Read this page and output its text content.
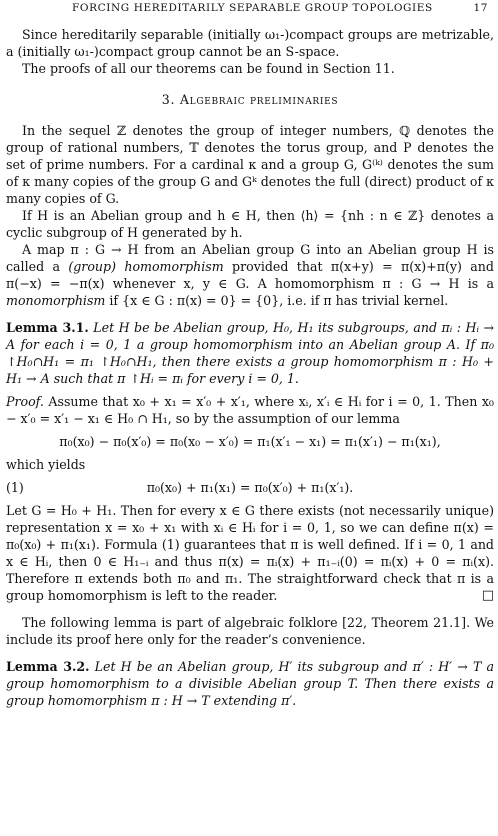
FORCING HEREDITARILY SEPARABLE GROUP TOPOLOGIES	17

Since hereditarily separable (initially ω₁-)compact groups are metrizable, a (initially ω₁-)compact group cannot be an S-space.

The proofs of all our theorems can be found in Section 11.

3. Algebraic preliminaries

In the sequel ℤ denotes the group of integer numbers, ℚ denotes the group of rational numbers, 𝕋 denotes the torus group, and P denotes the set of prime numbers. For a cardinal κ and a group G, G⁽ᵏ⁾ denotes the sum of κ many copies of the group G and Gᵏ denotes the full (direct) product of κ many copies of G.

If H is an Abelian group and h ∈ H, then ⟨h⟩ = {nh : n ∈ ℤ} denotes a cyclic subgroup of H generated by h.

A map π : G → H from an Abelian group G into an Abelian group H is called a (group) homomorphism provided that π(x+y) = π(x)+π(y) and π(−x) = −π(x) whenever x, y ∈ G. A homomorphism π : G → H is a monomorphism if {x ∈ G : π(x) = 0} = {0}, i.e. if π has trivial kernel.

Lemma 3.1. Let H be be Abelian group, H₀, H₁ its subgroups, and πᵢ : Hᵢ → A for each i = 0, 1 a group homomorphism into an Abelian group A. If π₀ ↾H₀∩H₁ = π₁ ↾H₀∩H₁, then there exists a group homomorphism π : H₀ + H₁ → A such that π ↾Hᵢ = πᵢ for every i = 0, 1.

Proof. Assume that x₀ + x₁ = x′₀ + x′₁, where xᵢ, x′ᵢ ∈ Hᵢ for i = 0, 1. Then x₀ − x′₀ = x′₁ − x₁ ∈ H₀ ∩ H₁, so by the assumption of our lemma

π₀(x₀) − π₀(x′₀) = π₀(x₀ − x′₀) = π₁(x′₁ − x₁) = π₁(x′₁) − π₁(x₁),

which yields

(1)	π₀(x₀) + π₁(x₁) = π₀(x′₀) + π₁(x′₁).

Let G = H₀ + H₁. Then for every x ∈ G there exists (not necessarily unique) representation x = x₀ + x₁ with xᵢ ∈ Hᵢ for i = 0, 1, so we can define π(x) = π₀(x₀) + π₁(x₁). Formula (1) guarantees that π is well defined. If i = 0, 1 and x ∈ Hᵢ, then 0 ∈ H₁₋ᵢ and thus π(x) = πᵢ(x) + π₁₋ᵢ(0) = πᵢ(x) + 0 = πᵢ(x). Therefore π extends both π₀ and π₁. The straightforward check that π is a group homomorphism is left to the reader.	□

The following lemma is part of algebraic folklore [22, Theorem 21.1]. We include its proof here only for the reader’s convenience.

Lemma 3.2. Let H be an Abelian group, H′ its subgroup and π′ : H′ → T a group homomorphism to a divisible Abelian group T. Then there exists a group homomorphism π : H → T extending π′.
